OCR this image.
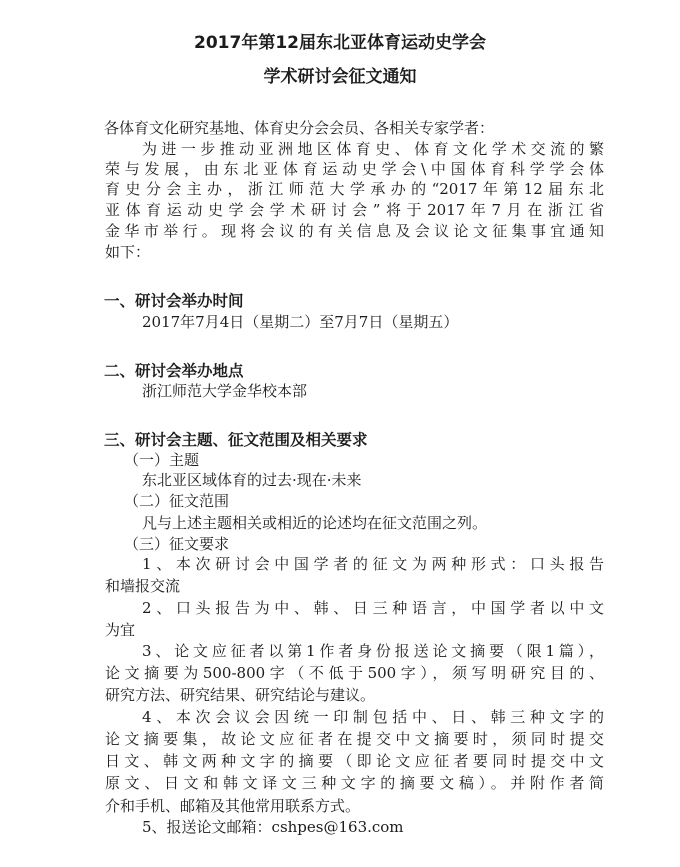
2017年第12届东北亚体育运动史学会
学术研讨会征文通知
各体育文化研究基地、体育史分会会员、各相关专家学者：
为进一步推动亚洲地区体育史、体育文化学术交流的繁
荣与发展，由东北亚体育运动史学会\中国体育科学学会体
育史分会主办，浙江师范大学承办的“2017年第12届东北
亚体育运动史学会学术研讨会”将于2017年7月在浙江省
金华市举行。现将会议的有关信息及会议论文征集事宜通知
如下：
一、研讨会举办时间
2017年7月4日（星期二）至7月7日（星期五）
二、研讨会举办地点
浙江师范大学金华校本部
三、研讨会主题、征文范围及相关要求
（一）主题
东北亚区域体育的过去·现在·未来
（二）征文范围
凡与上述主题相关或相近的论述均在征文范围之列。
（三）征文要求
1、本次研讨会中国学者的征文为两种形式：口头报告
和墙报交流
2、口头报告为中、韩、日三种语言，中国学者以中文
为宜
3、论文应征者以第1作者身份报送论文摘要（限1篇），
论文摘要为500-800字（不低于500字），须写明研究目的、
研究方法、研究结果、研究结论与建议。
4、本次会议会因统一印制包括中、日、韩三种文字的
论文摘要集，故论文应征者在提交中文摘要时，须同时提交
日文、韩文两种文字的摘要（即论文应征者要同时提交中文
原文、日文和韩文译文三种文字的摘要文稿）。并附作者简
介和手机、邮箱及其他常用联系方式。
5、报送论文邮箱：cshpes@163.com
